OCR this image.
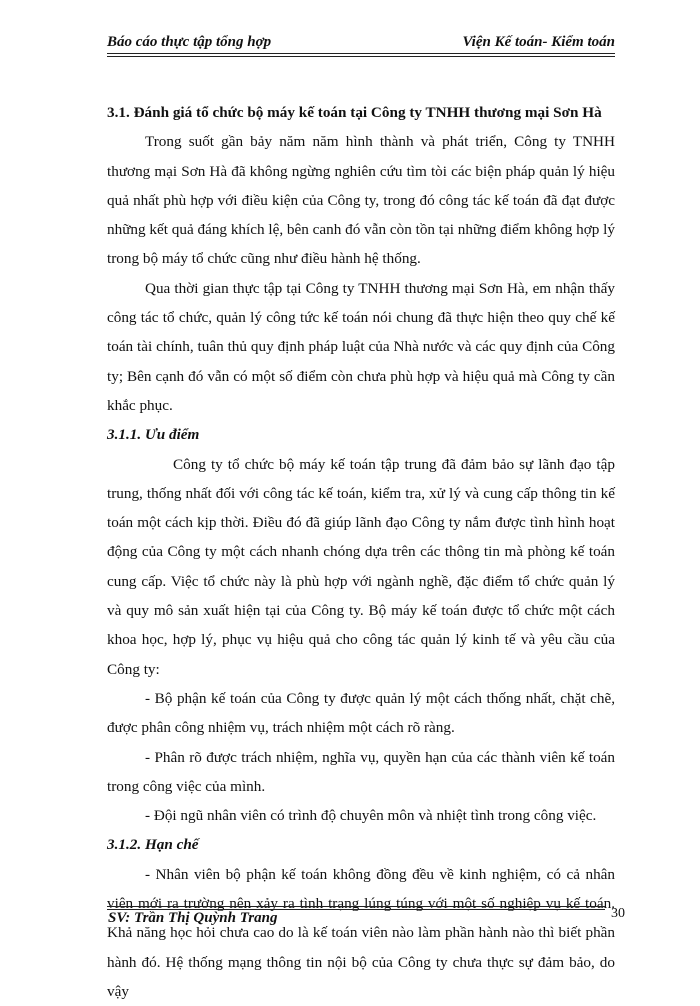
Báo cáo thực tập tổng hợp	Viện Kế toán- Kiểm toán

3.1. Đánh giá tổ chức bộ máy kế toán tại Công ty TNHH thương mại Sơn Hà

Trong suốt gần bảy năm năm hình thành và phát triển, Công ty TNHH thương mại Sơn Hà đã không ngừng nghiên cứu tìm tòi các biện pháp quản lý hiệu quả nhất phù hợp với điều kiện của Công ty, trong đó công tác kế toán đã đạt được những kết quả đáng khích lệ, bên canh đó vẫn còn tồn tại những điểm không hợp lý trong bộ máy tổ chức cũng như điều hành hệ thống.

Qua thời gian thực tập tại Công ty TNHH thương mại Sơn Hà, em nhận thấy công tác tổ chức, quản lý công tức kế toán nói chung đã thực hiện theo quy chế kế toán tài chính, tuân thủ quy định pháp luật của Nhà nước và các quy định của Công ty; Bên cạnh đó vẫn có một số điểm còn chưa phù hợp và hiệu quả mà Công ty cần khắc phục.

3.1.1. Ưu điểm

Công ty tổ chức bộ máy kế toán tập trung đã đảm bảo sự lãnh đạo tập trung, thống nhất đối với công tác kế toán, kiểm tra, xử lý và cung cấp thông tin kế toán một cách kịp thời. Điều đó đã giúp lãnh đạo Công ty nắm được tình hình hoạt động của Công ty một cách nhanh chóng dựa trên các thông tin mà phòng kế toán cung cấp. Việc tổ chức này là phù hợp với ngành nghề, đặc điểm tổ chức quản lý và quy mô sản xuất hiện tại của Công ty. Bộ máy kế toán được tổ chức một cách khoa học, hợp lý, phục vụ hiệu quả cho công tác quản lý kinh tế và yêu cầu của Công ty:

- Bộ phận kế toán của Công ty được quản lý một cách thống nhất, chặt chẽ, được phân công nhiệm vụ, trách nhiệm một cách rõ ràng.

- Phân rõ được trách nhiệm, nghĩa vụ, quyền hạn của các thành viên kế toán trong công việc của mình.

- Đội ngũ nhân viên có trình độ chuyên môn và nhiệt tình trong công việc.

3.1.2. Hạn chế

- Nhân viên bộ phận kế toán không đồng đều về kinh nghiệm, có cả nhân viên mới ra trường nên xảy ra tình trạng lúng túng với một số nghiệp vụ kế toán. Khả năng học hỏi chưa cao do là kế toán viên nào làm phần hành nào thì biết phần hành đó. Hệ thống mạng thông tin nội bộ của Công ty chưa thực sự đảm bảo, do vậy

SV: Trần Thị Quỳnh Trang	30
